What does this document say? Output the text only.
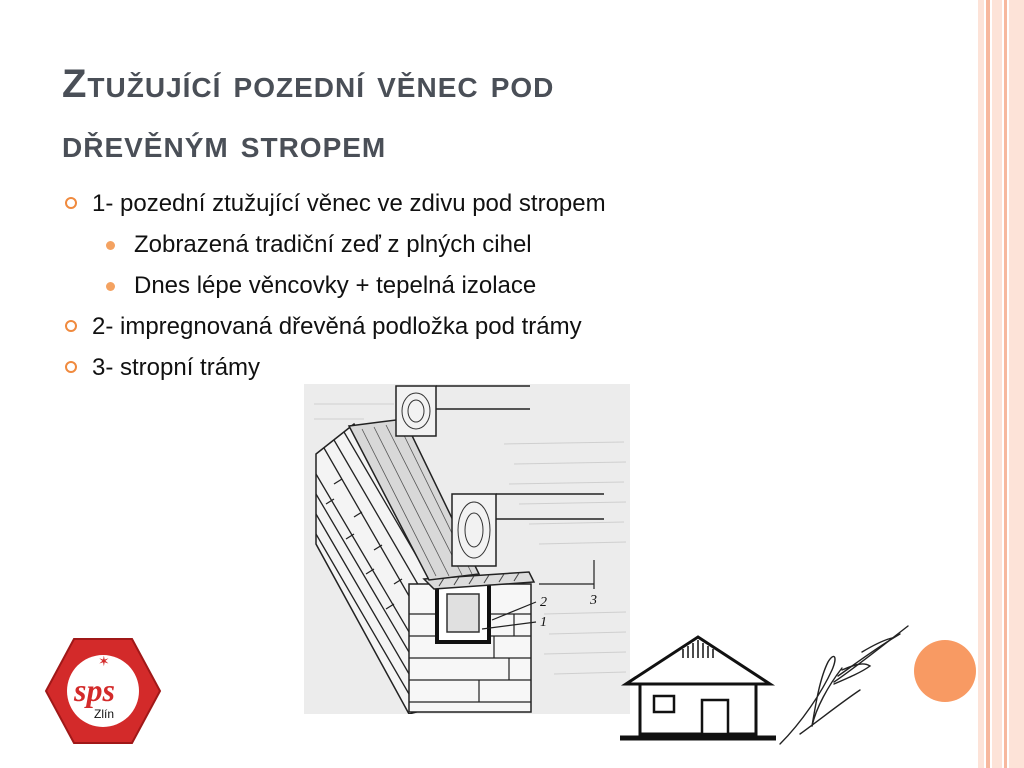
Ztužující pozední věnec pod
dřevěným stropem
1- pozední ztužující věnec ve zdivu pod stropem
Zobrazená tradiční zeď z plných cihel
Dnes lépe věncovky + tepelná izolace
2- impregnovaná dřevěná podložka pod trámy
3- stropní trámy
3
2
1
sps
Zlín
✶
